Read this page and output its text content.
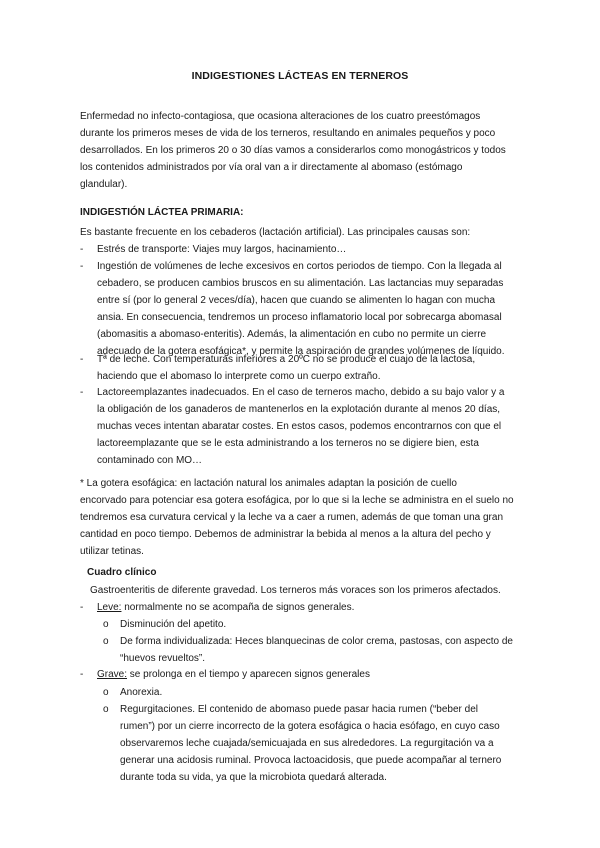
INDIGESTIONES LÁCTEAS EN TERNEROS
Enfermedad no infecto-contagiosa, que ocasiona alteraciones de los cuatro preestómagos
durante los primeros meses de vida de los terneros, resultando en animales pequeños y poco
desarrollados. En los primeros 20 o 30 días vamos a considerarlos como monogástricos y todos
los contenidos administrados por vía oral van a ir directamente al abomaso (estómago
glandular).
INDIGESTIÓN LÁCTEA PRIMARIA:
Es bastante frecuente en los cebaderos (lactación artificial). Las principales causas son:
- Estrés de transporte: Viajes muy largos, hacinamiento…
- Ingestión de volúmenes de leche excesivos en cortos periodos de tiempo. Con la llegada al
cebadero, se producen cambios bruscos en su alimentación. Las lactancias muy separadas
entre sí (por lo general 2 veces/día), hacen que cuando se alimenten lo hagan con mucha
ansia. En consecuencia, tendremos un proceso inflamatorio local por sobrecarga abomasal
(abomasitis a abomaso-enteritis). Además, la alimentación en cubo no permite un cierre
adecuado de la gotera esofágica*, y permite la aspiración de grandes volúmenes de líquido.
- Tª de leche. Con temperaturas inferiores a 20ºC no se produce el cuajo de la lactosa,
haciendo que el abomaso lo interprete como un cuerpo extraño.
- Lactoreemplazantes inadecuados. En el caso de terneros macho, debido a su bajo valor y a
la obligación de los ganaderos de mantenerlos en la explotación durante al menos 20 días,
muchas veces intentan abaratar costes. En estos casos, podemos encontrarnos con que el
lactoreemplazante que se le esta administrando a los terneros no se digiere bien, esta
contaminado con MO…
* La gotera esofágica: en lactación natural los animales adaptan la posición de cuello
encorvado para potenciar esa gotera esofágica, por lo que si la leche se administra en el suelo no
tendremos esa curvatura cervical y la leche va a caer a rumen, además de que toman una gran
cantidad en poco tiempo. Debemos de administrar la bebida al menos a la altura del pecho y
utilizar tetinas.
Cuadro clínico
Gastroenteritis de diferente gravedad. Los terneros más voraces son los primeros afectados.
- Leve: normalmente no se acompaña de signos generales.
o Disminución del apetito.
o De forma individualizada: Heces blanquecinas de color crema, pastosas, con aspecto de
“huevos revueltos”.
- Grave: se prolonga en el tiempo y aparecen signos generales
o Anorexia.
o Regurgitaciones. El contenido de abomaso puede pasar hacia rumen (“beber del
rumen”) por un cierre incorrecto de la gotera esofágica o hacia esófago, en cuyo caso
observaremos leche cuajada/semicuajada en sus alrededores. La regurgitación va a
generar una acidosis ruminal. Provoca lactoacidosis, que puede acompañar al ternero
durante toda su vida, ya que la microbiota quedará alterada.
